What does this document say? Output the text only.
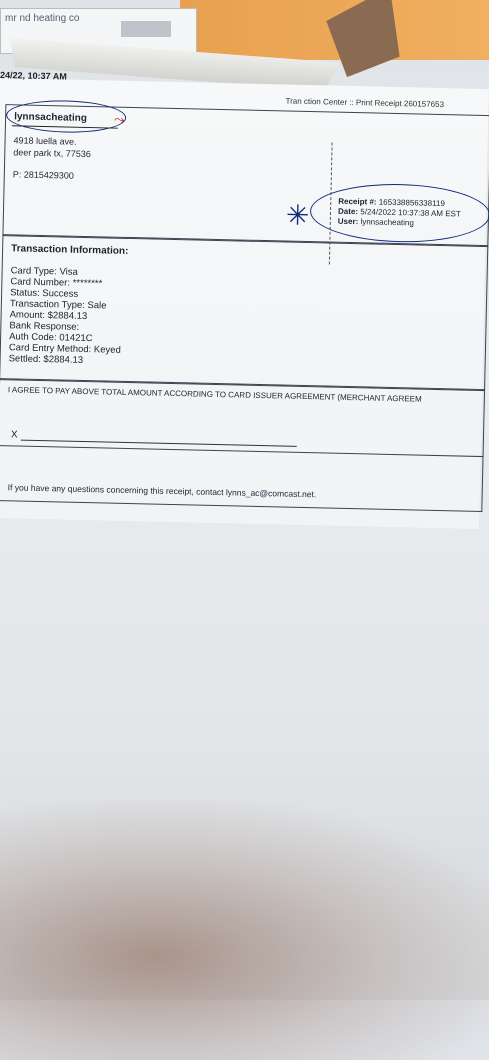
mr nd heating co
24/22, 10:37 AM
Tran ction Center :: Print Receipt 260157653
lynnsacheating ⤳
4918 luella ave.
deer park tx, 77536
P: 2815429300
Receipt #: 165338856338119
Date: 5/24/2022 10:37:38 AM EST
User: lynnsacheating
✳
Transaction Information:
Card Type: Visa
Card Number: ********
Status: Success
Transaction Type: Sale
Amount: $2884.13
Bank Response:
Auth Code: 01421C
Card Entry Method: Keyed
Settled: $2884.13
I AGREE TO PAY ABOVE TOTAL AMOUNT ACCORDING TO CARD ISSUER AGREEMENT (MERCHANT AGREEM
X
If you have any questions concerning this receipt, contact lynns_ac@comcast.net.
